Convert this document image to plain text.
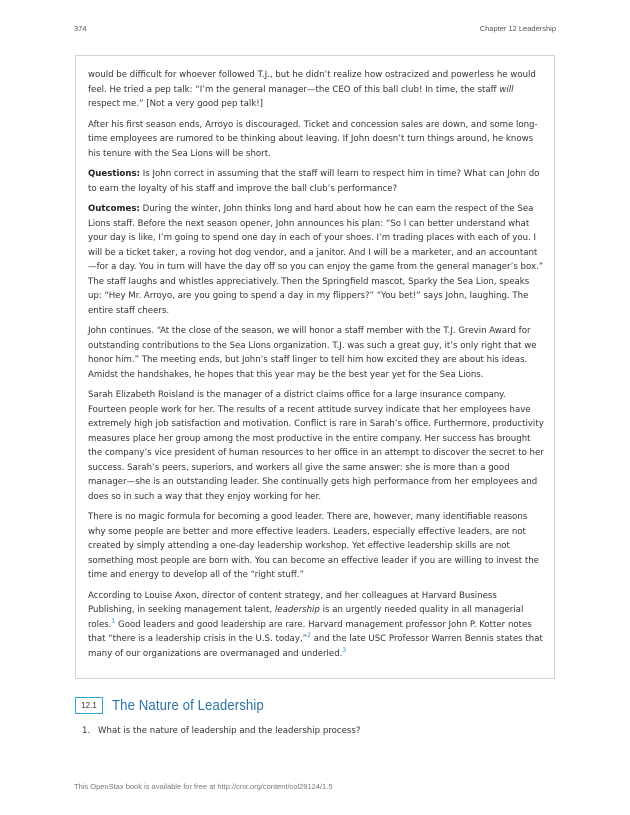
374	Chapter 12 Leadership

would be difficult for whoever followed T.J., but he didn’t realize how ostracized and powerless he would feel. He tried a pep talk: “I’m the general manager—the CEO of this ball club! In time, the staff will respect me.” [Not a very good pep talk!]

After his first season ends, Arroyo is discouraged. Ticket and concession sales are down, and some long-time employees are rumored to be thinking about leaving. If John doesn’t turn things around, he knows his tenure with the Sea Lions will be short.

Questions: Is John correct in assuming that the staff will learn to respect him in time? What can John do to earn the loyalty of his staff and improve the ball club’s performance?

Outcomes: During the winter, John thinks long and hard about how he can earn the respect of the Sea Lions staff. Before the next season opener, John announces his plan: “So I can better understand what your day is like, I’m going to spend one day in each of your shoes. I’m trading places with each of you. I will be a ticket taker, a roving hot dog vendor, and a janitor. And I will be a marketer, and an accountant—for a day. You in turn will have the day off so you can enjoy the game from the general manager’s box.” The staff laughs and whistles appreciatively. Then the Springfield mascot, Sparky the Sea Lion, speaks up: “Hey Mr. Arroyo, are you going to spend a day in my flippers?” “You bet!” says John, laughing. The entire staff cheers.

John continues. “At the close of the season, we will honor a staff member with the T.J. Grevin Award for outstanding contributions to the Sea Lions organization. T.J. was such a great guy, it’s only right that we honor him.” The meeting ends, but John’s staff linger to tell him how excited they are about his ideas. Amidst the handshakes, he hopes that this year may be the best year yet for the Sea Lions.

Sarah Elizabeth Roisland is the manager of a district claims office for a large insurance company. Fourteen people work for her. The results of a recent attitude survey indicate that her employees have extremely high job satisfaction and motivation. Conflict is rare in Sarah’s office. Furthermore, productivity measures place her group among the most productive in the entire company. Her success has brought the company’s vice president of human resources to her office in an attempt to discover the secret to her success. Sarah’s peers, superiors, and workers all give the same answer: she is more than a good manager—she is an outstanding leader. She continually gets high performance from her employees and does so in such a way that they enjoy working for her.

There is no magic formula for becoming a good leader. There are, however, many identifiable reasons why some people are better and more effective leaders. Leaders, especially effective leaders, are not created by simply attending a one-day leadership workshop. Yet effective leadership skills are not something most people are born with. You can become an effective leader if you are willing to invest the time and energy to develop all of the “right stuff.”

According to Louise Axon, director of content strategy, and her colleagues at Harvard Business Publishing, in seeking management talent, leadership is an urgently needed quality in all managerial roles.$^1$ Good leaders and good leadership are rare. Harvard management professor John P. Kotter notes that “there is a leadership crisis in the U.S. today,”$^2$ and the late USC Professor Warren Bennis states that many of our organizations are overmanaged and underled.$^3$

12.1	The Nature of Leadership
1. What is the nature of leadership and the leadership process?
This OpenStax book is available for free at http://cnx.org/content/col29124/1.5
